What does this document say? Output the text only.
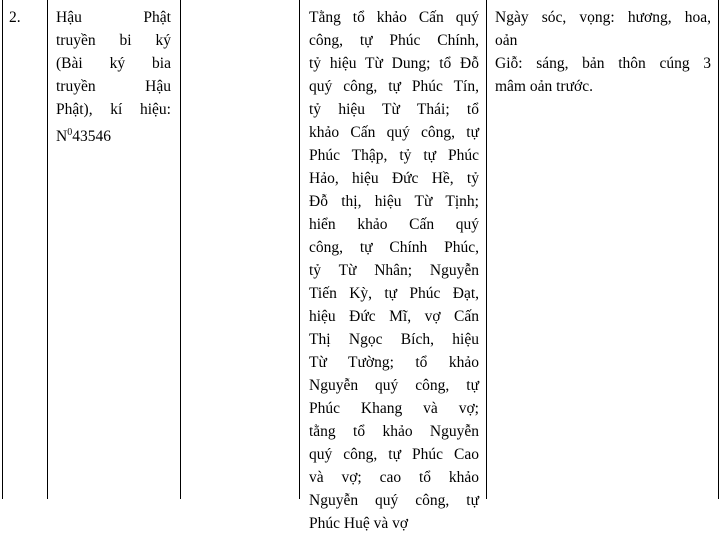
2.	Hậu Phật

truyền bi ký

(Bài ký bia

truyền Hậu

Phật), kí hiệu:

$N^043546$

Tằng tổ khảo Cấn quý

công, tự Phúc Chính,

tỷ hiệu Từ Dung; tổ Đỗ

quý công, tự Phúc Tín,

tỷ hiệu Từ Thái; tổ

khảo Cấn quý công, tự

Phúc Thập, tỷ tự Phúc

Hảo, hiệu Đức Hề, tỷ

Đỗ thị, hiệu Từ Tịnh;

hiển khảo Cấn quý

công, tự Chính Phúc,

tỷ Từ Nhân; Nguyễn

Tiến Kỳ, tự Phúc Đạt,

hiệu Đức Mĩ, vợ Cấn

Thị Ngọc Bích, hiệu

Từ Tường; tổ khảo

Nguyễn quý công, tự

Phúc Khang và vợ;

tằng tổ khảo Nguyễn

quý công, tự Phúc Cao

và vợ; cao tổ khảo

Nguyễn quý công, tự

Phúc Huệ và vợ

Ngày sóc, vọng: hương, hoa,

oản

Giỗ: sáng, bản thôn cúng 3

mâm oản trước.
